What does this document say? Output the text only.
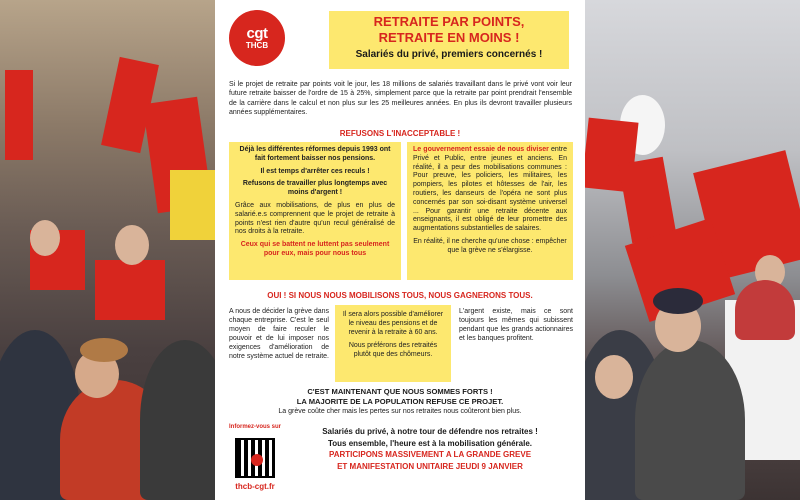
cgt
THCB
RETRAITE PAR POINTS,
RETRAITE EN MOINS !
Salariés du privé, premiers concernés !

Si le projet de retraite par points voit le jour, les 18 millions de salariés travaillant dans le privé vont voir leur future retraite baisser de l'ordre de 15 à 25%, simplement parce que la retraite par point prendrait l'ensemble de la carrière dans le calcul et non plus sur les 25 meilleures années. En plus ils devront travailler plusieurs années supplémentaires.

REFUSONS L'INACCEPTABLE !

Déjà les différentes réformes depuis 1993 ont fait fortement baisser nos pensions.

Il est temps d'arrêter ces reculs !

Refusons de travailler plus longtemps avec moins d'argent !

Grâce aux mobilisations, de plus en plus de salarié.e.s comprennent que le projet de retraite à points n'est rien d'autre qu'un recul généralisé de nos droits à la retraite.

Ceux qui se battent ne luttent pas seulement pour eux, mais pour nous tous

Le gouvernement essaie de nous diviser entre Privé et Public, entre jeunes et anciens. En réalité, il a peur des mobilisations communes : Pour preuve, les policiers, les militaires, les pompiers, les pilotes et hôtesses de l'air, les routiers, les danseurs de l'opéra ne sont plus concernés par son soi-disant système universel ... Pour garantir une retraite décente aux enseignants, il est obligé de leur promettre des augmentations substantielles de salaires.

En réalité, il ne cherche qu'une chose : empêcher que la grève ne s'élargisse.

OUI ! SI NOUS NOUS MOBILISONS TOUS, NOUS GAGNERONS TOUS.

A nous de décider la grève dans chaque entreprise. C'est le seul moyen de faire reculer le pouvoir et de lui imposer nos exigences d'amélioration de notre système actuel de retraite.

Il sera alors possible d'améliorer le niveau des pensions et de revenir à la retraite à 60 ans.

Nous préférons des retraités plutôt que des chômeurs.

L'argent existe, mais ce sont toujours les mêmes qui subissent pendant que les grands actionnaires et les banques profitent.

C'EST MAINTENANT QUE NOUS SOMMES FORTS !
LA MAJORITE DE LA POPULATION REFUSE CE PROJET.
La grève coûte cher mais les pertes sur nos retraites nous coûteront bien plus.
Informez-vous sur
thcb-cgt.fr
Salariés du privé, à notre tour de défendre nos retraites !
Tous ensemble, l'heure est à la mobilisation générale.
PARTICIPONS MASSIVEMENT A LA GRANDE GREVE
ET MANIFESTATION UNITAIRE JEUDI 9 JANVIER
